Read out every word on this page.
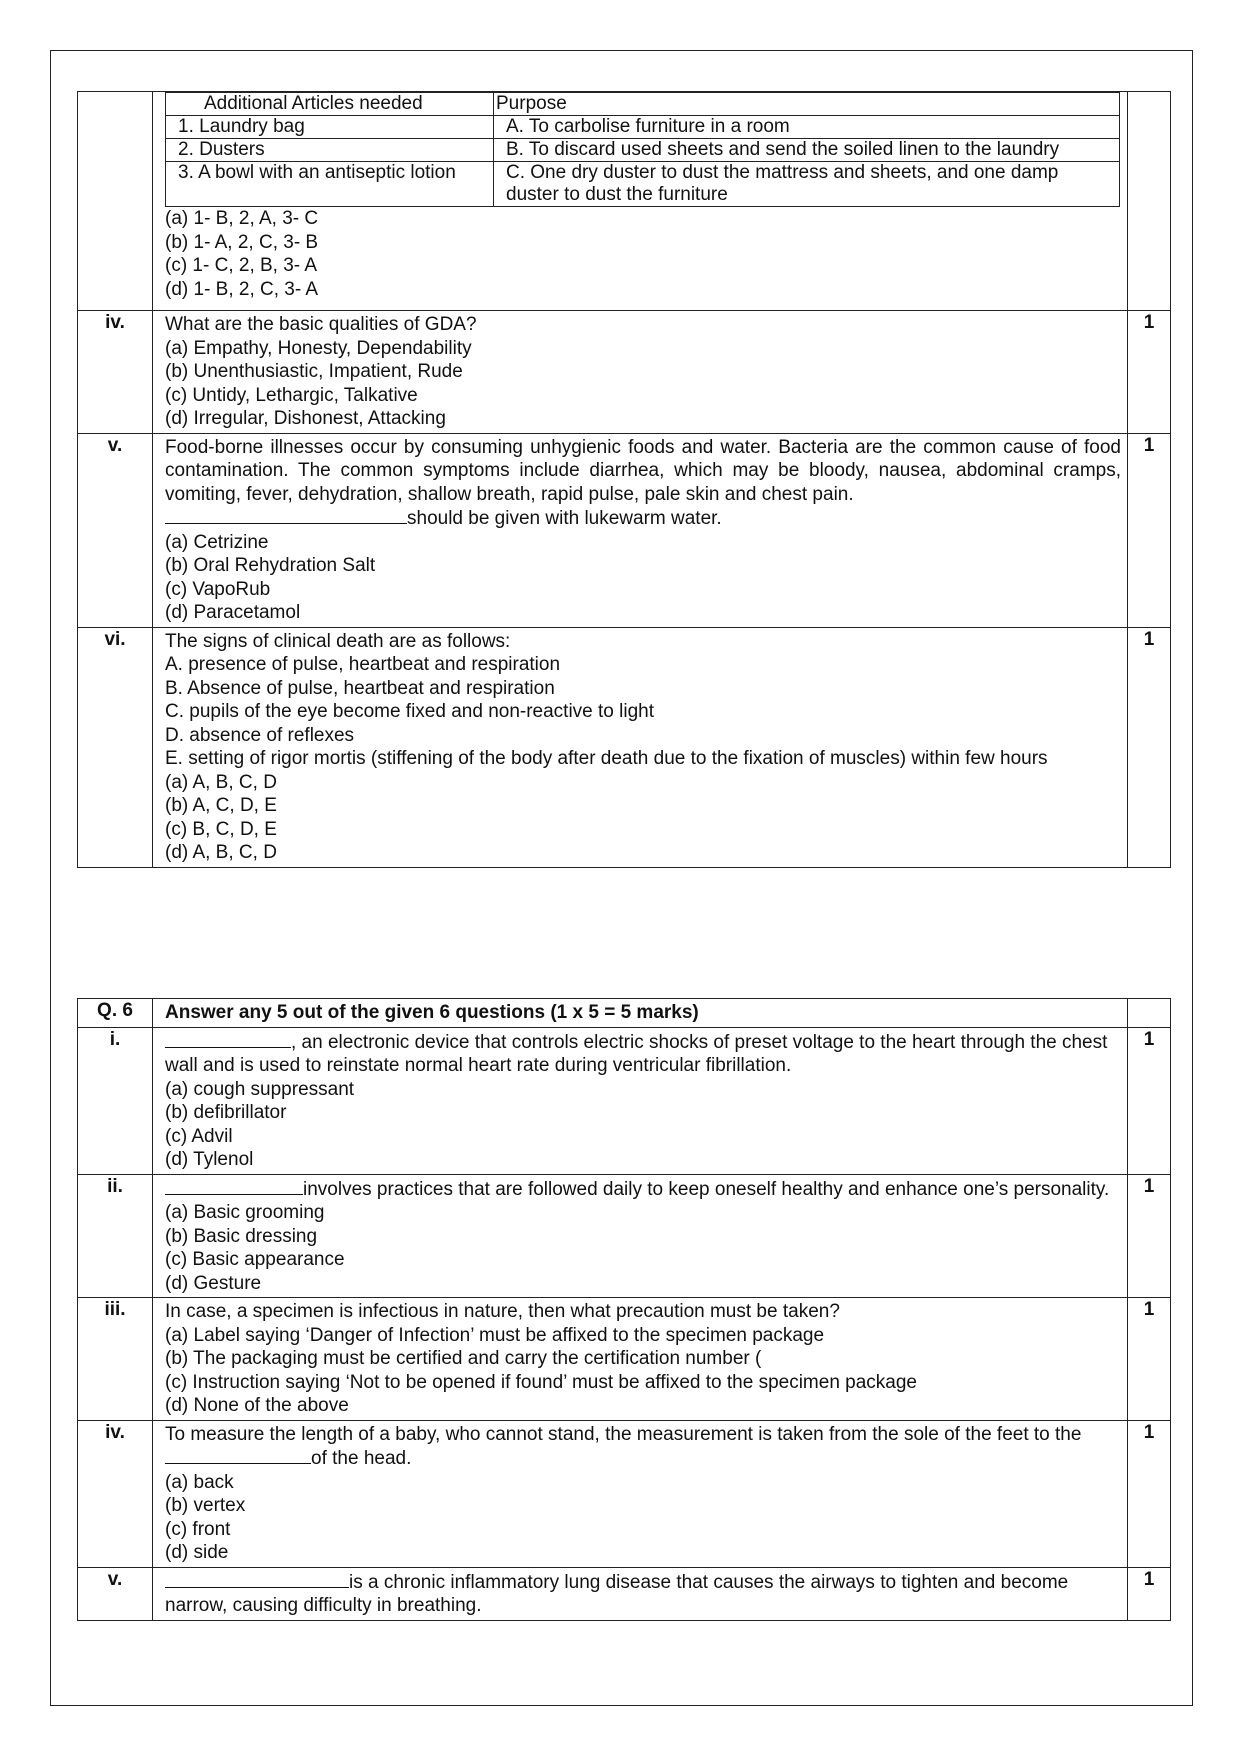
Additional Articles needed	Purpose
1. Laundry bag	A. To carbolise furniture in a room
2. Dusters	B. To discard used sheets and send the soiled linen to the laundry
3. A bowl with an antiseptic lotion	C. One dry duster to dust the mattress and sheets, and one damp duster to dust the furniture
(a) 1- B, 2, A, 3- C
(b) 1- A, 2, C, 3- B
(c) 1- C, 2, B, 3- A
(d) 1- B, 2, C, 3- A

iv.	What are the basic qualities of GDA?
(a) Empathy, Honesty, Dependability
(b) Unenthusiastic, Impatient, Rude
(c) Untidy, Lethargic, Talkative
(d) Irregular, Dishonest, Attacking
	1
v.	Food-borne illnesses occur by consuming unhygienic foods and water. Bacteria are the common cause of food contamination. The common symptoms include diarrhea, which may be bloody, nausea, abdominal cramps, vomiting, fever, dehydration, shallow breath, rapid pulse, pale skin and chest pain.
should be given with lukewarm water.
(a) Cetrizine
(b) Oral Rehydration Salt
(c) VapoRub
(d) Paracetamol
	1
vi.	The signs of clinical death are as follows:
A. presence of pulse, heartbeat and respiration
B. Absence of pulse, heartbeat and respiration
C. pupils of the eye become fixed and non-reactive to light
D. absence of reflexes
E. setting of rigor mortis (stiffening of the body after death due to the fixation of muscles) within few hours
(a) A, B, C, D
(b) A, C, D, E
(c) B, C, D, E
(d) A, B, C, D
	1
Q. 6	Answer any 5 out of the given 6 questions (1 x 5 = 5 marks)	
i.	, an electronic device that controls electric shocks of preset voltage to the heart through the chest wall and is used to reinstate normal heart rate during ventricular fibrillation.
(a) cough suppressant
(b) defibrillator
(c) Advil
(d) Tylenol	1
ii.	involves practices that are followed daily to keep oneself healthy and enhance one’s personality.
(a) Basic grooming
(b) Basic dressing
(c) Basic appearance
(d) Gesture	1
iii.	In case, a specimen is infectious in nature, then what precaution must be taken?
(a) Label saying ‘Danger of Infection’ must be affixed to the specimen package
(b) The packaging must be certified and carry the certification number (
(c) Instruction saying ‘Not to be opened if found’ must be affixed to the specimen package
(d) None of the above	1
iv.	To measure the length of a baby, who cannot stand, the measurement is taken from the sole of the feet to theof the head.
(a) back
(b) vertex
(c) front
(d) side	1
v.	is a chronic inflammatory lung disease that causes the airways to tighten and become narrow, causing difficulty in breathing.	1
